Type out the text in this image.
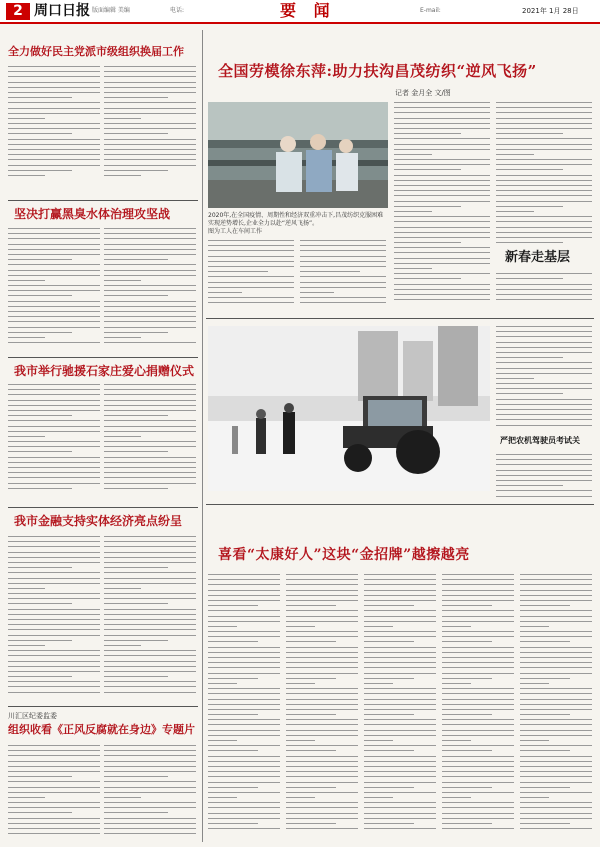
2 周口日报 版面编辑 美编	电话:	E-mail:
要 闻	2021年 1月 28日
全力做好民主党派市级组织换届工作
坚决打赢黑臭水体治理攻坚战
我市举行驰援石家庄爱心捐赠仪式
我市金融支持实体经济亮点纷呈
川汇区纪委监委
组织收看《正风反腐就在身边》专题片
全国劳模徐东萍:助力扶沟昌茂纺织“逆风飞扬”
记者 金月全 文/图
2020年,在全国疫情、周期性和经济双重冲击下,昌茂纺织克服困难实现逆势增长,企业全力以赴“逆风飞扬”。
图为工人在车间工作
新春走基层
严把农机驾驶员考试关
喜看“太康好人”这块“金招牌”越擦越亮
